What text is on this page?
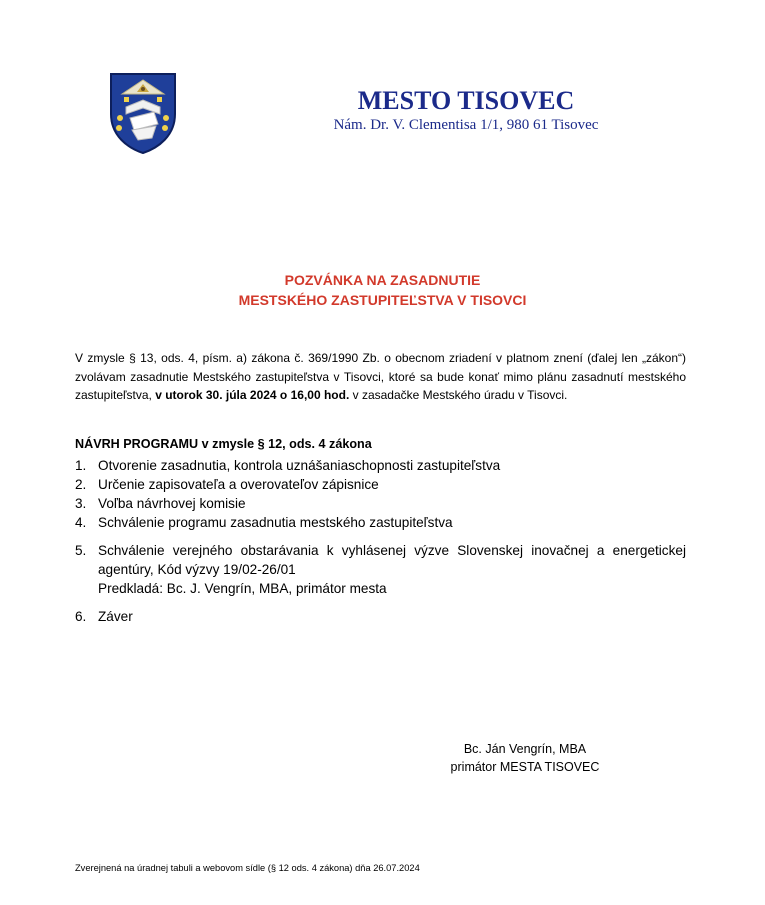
MESTO TISOVEC
Nám. Dr. V. Clementisa 1/1, 980 61 Tisovec
POZVÁNKA NA ZASADNUTIE
MESTSKÉHO ZASTUPITEĽSTVA V TISOVCI
V zmysle § 13, ods. 4, písm. a) zákona č. 369/1990 Zb. o obecnom zriadení v platnom znení (ďalej len „zákon“) zvolávam zasadnutie Mestského zastupiteľstva v Tisovci, ktoré sa bude konať mimo plánu zasadnutí mestského zastupiteľstva, v utorok 30. júla 2024 o 16,00 hod. v zasadačke Mestského úradu v Tisovci.
NÁVRH PROGRAMU v zmysle § 12, ods. 4 zákona
1. Otvorenie zasadnutia, kontrola uznášaniaschopnosti zastupiteľstva
2. Určenie zapisovateľa a overovateľov zápisnice
3. Voľba návrhovej komisie
4. Schválenie programu zasadnutia mestského zastupiteľstva
5. Schválenie verejného obstarávania k vyhlásenej výzve Slovenskej inovačnej a energetickej agentúry, Kód výzvy 19/02-26/01
Predkladá: Bc. J. Vengrín, MBA, primátor mesta
6. Záver
Bc. Ján Vengrín, MBA
primátor MESTA TISOVEC
Zverejnená na úradnej tabuli a webovom sídle (§ 12 ods. 4 zákona) dňa 26.07.2024
